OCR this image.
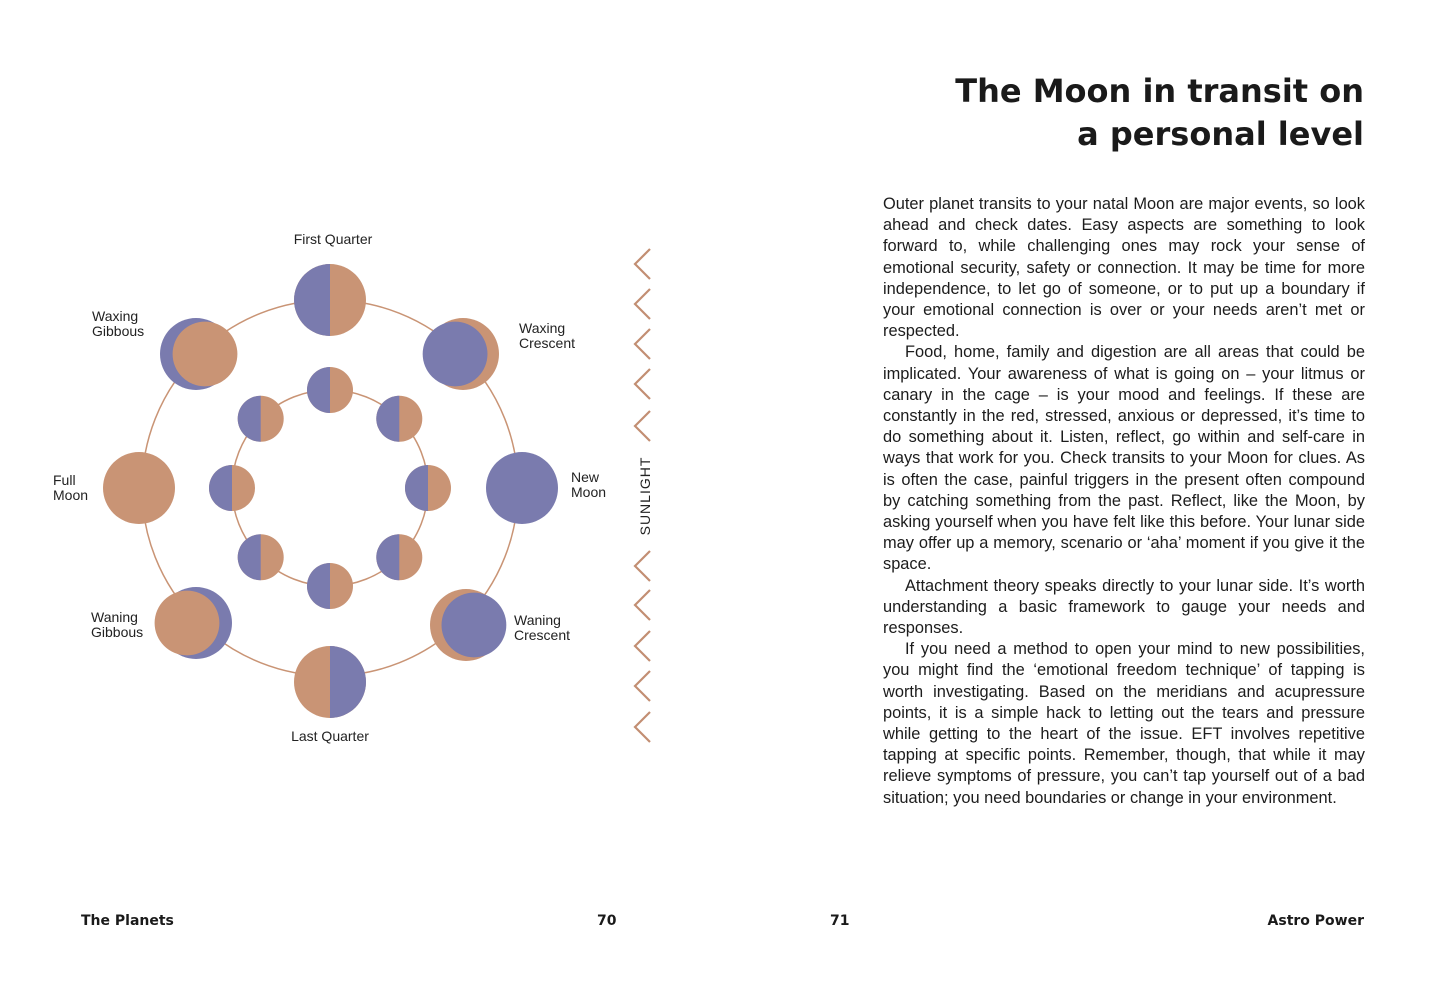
First Quarter
Waxing Crescent
New Moon
Waning Crescent
Last Quarter
Waning Gibbous
Full Moon
Waxing Gibbous
SUNLIGHT
The Moon in transit on
a personal level

Outer planet transits to your natal Moon are major events, so look ahead and check dates. Easy aspects are something to look forward to, while challenging ones may rock your sense of emotional security, safety or connection. It may be time for more independence, to let go of someone, or to put up a boundary if your emotional connection is over or your needs aren’t met or respected.

Food, home, family and digestion are all areas that could be implicated. Your awareness of what is going on – your litmus or canary in the cage – is your mood and feelings. If these are constantly in the red, stressed, anxious or depressed, it’s time to do something about it. Listen, reflect, go within and self-care in ways that work for you. Check transits to your Moon for clues. As is often the case, painful triggers in the present often compound by catching something from the past. Reflect, like the Moon, by asking yourself when you have felt like this before. Your lunar side may offer up a memory, scenario or ‘aha’ moment if you give it the space.

Attachment theory speaks directly to your lunar side. It’s worth understanding a basic framework to gauge your needs and responses.

If you need a method to open your mind to new possibilities, you might find the ‘emotional freedom technique’ of tapping is worth investigating. Based on the meridians and acupressure points, it is a simple hack to letting out the tears and pressure while getting to the heart of the issue. EFT involves repetitive tapping at specific points. Remember, though, that while it may relieve symptoms of pressure, you can’t tap yourself out of a bad situation; you need boundaries or change in your environment.

The Planets	70	71	Astro Power
